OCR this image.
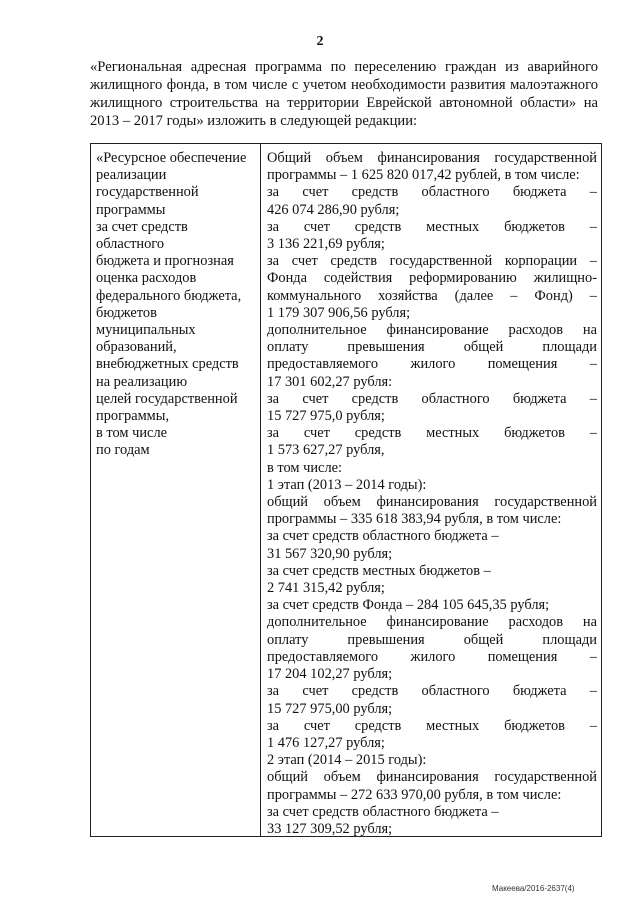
2
«Региональная адресная программа по переселению граждан из аварийного жилищного фонда, в том числе с учетом необходимости развития малоэтажного жилищного строительства на территории Еврейской автономной области» на 2013 – 2017 годы» изложить в следующей редакции:
«Ресурсное обеспечение
реализации
государственной
программы
за счет средств
областного
бюджета и прогнозная
оценка расходов
федерального бюджета,
бюджетов
муниципальных
образований,
внебюджетных средств
на реализацию
целей государственной
программы,
в том числе
по годам
Общий объем финансирования государственной
программы – 1 625 820 017,42 рублей, в том числе:
за счет средств областного бюджета –
426 074 286,90 рубля;
за счет средств местных бюджетов –
3 136 221,69 рубля;
за счет средств государственной корпорации –
Фонда содействия реформированию жилищно-
коммунального хозяйства (далее – Фонд) –
1 179 307 906,56 рубля;
дополнительное финансирование расходов на
оплату превышения общей площади
предоставляемого жилого помещения –
17 301 602,27 рубля:
за счет средств областного бюджета –
15 727 975,0 рубля;
за счет средств местных бюджетов –
1 573 627,27 рубля,
в том числе:
1 этап (2013 – 2014 годы):
общий объем финансирования государственной
программы – 335 618 383,94 рубля, в том числе:
за счет средств областного бюджета –
31 567 320,90 рубля;
за счет средств местных бюджетов –
2 741 315,42 рубля;
за счет средств Фонда – 284 105 645,35 рубля;
дополнительное финансирование расходов на
оплату превышения общей площади
предоставляемого жилого помещения –
17 204 102,27 рубля;
за счет средств областного бюджета –
15 727 975,00 рубля;
за счет средств местных бюджетов –
1 476 127,27 рубля;
2 этап (2014 – 2015 годы):
общий объем финансирования государственной
программы – 272 633 970,00 рубля, в том числе:
за счет средств областного бюджета –
33 127 309,52 рубля;
Макеева/2016-2637(4)
